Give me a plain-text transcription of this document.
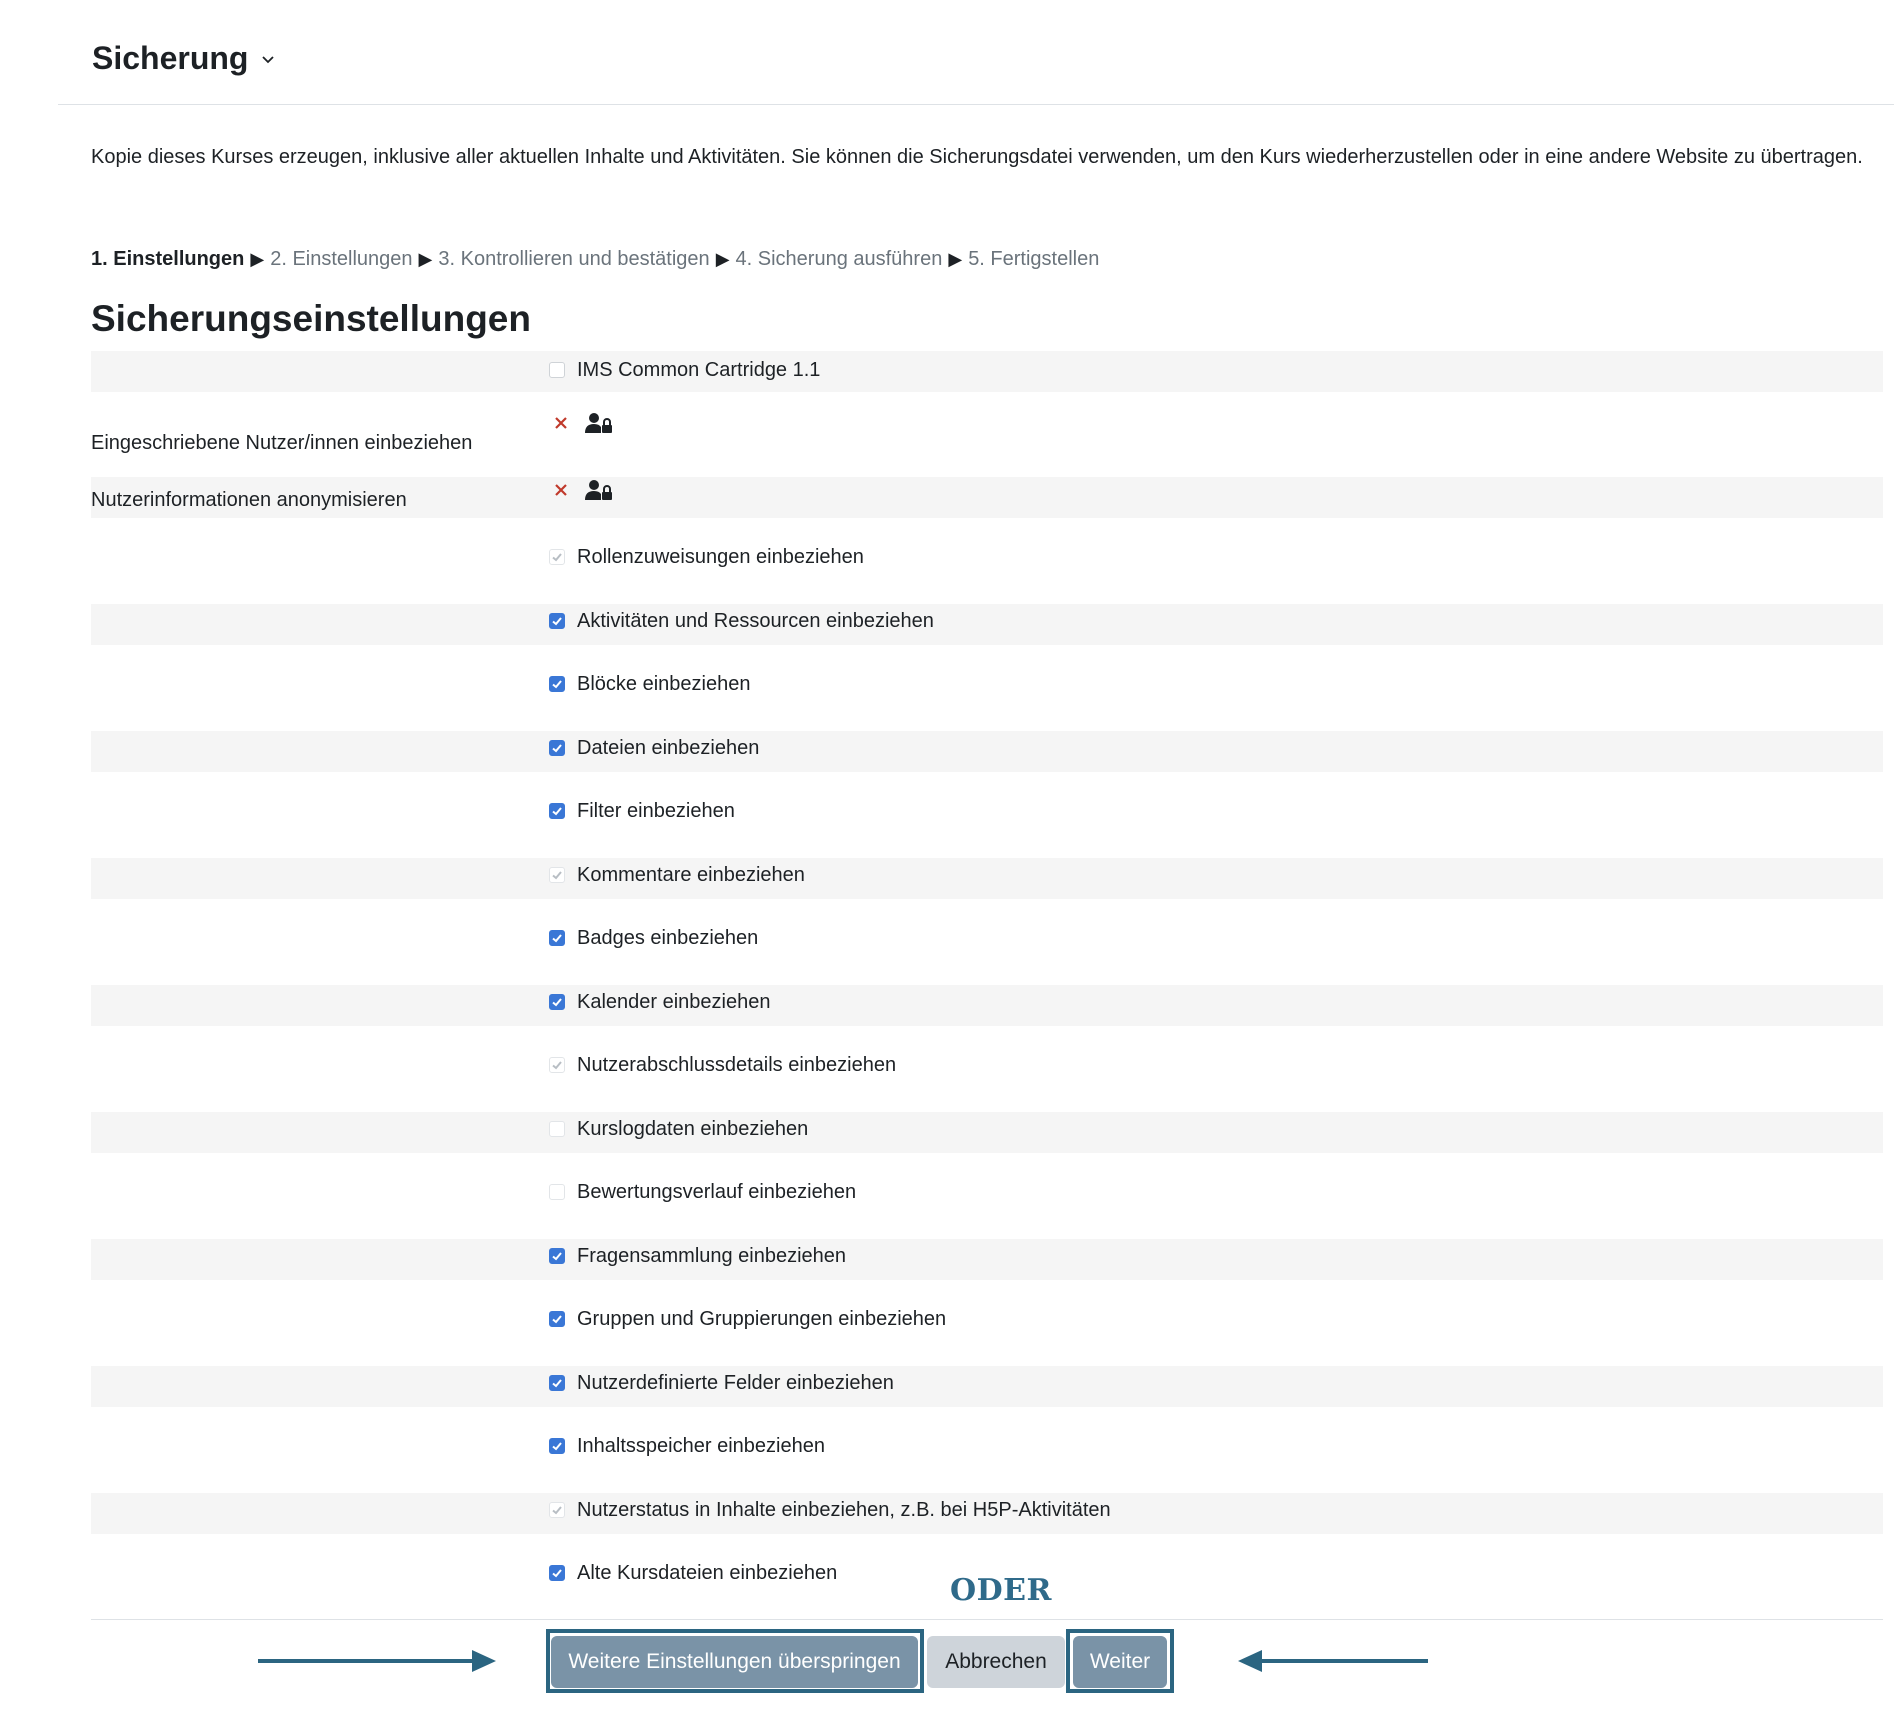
Sicherung
Kopie dieses Kurses erzeugen, inklusive aller aktuellen Inhalte und Aktivitäten. Sie können die Sicherungsdatei verwenden, um den Kurs wiederherzustellen oder in eine andere Website zu übertragen.
1. Einstellungen ▶ 2. Einstellungen ▶ 3. Kontrollieren und bestätigen ▶ 4. Sicherung ausführen ▶ 5. Fertigstellen
Sicherungseinstellungen
IMS Common Cartridge 1.1
Eingeschriebene Nutzer/innen einbeziehen
Nutzerinformationen anonymisieren
Rollenzuweisungen einbeziehen
Aktivitäten und Ressourcen einbeziehen
Blöcke einbeziehen
Dateien einbeziehen
Filter einbeziehen
Kommentare einbeziehen
Badges einbeziehen
Kalender einbeziehen
Nutzerabschlussdetails einbeziehen
Kurslogdaten einbeziehen
Bewertungsverlauf einbeziehen
Fragensammlung einbeziehen
Gruppen und Gruppierungen einbeziehen
Nutzerdefinierte Felder einbeziehen
Inhaltsspeicher einbeziehen
Nutzerstatus in Inhalte einbeziehen, z.B. bei H5P-Aktivitäten
Alte Kursdateien einbeziehen
ODER
Weitere Einstellungen überspringen	Abbrechen	Weiter
